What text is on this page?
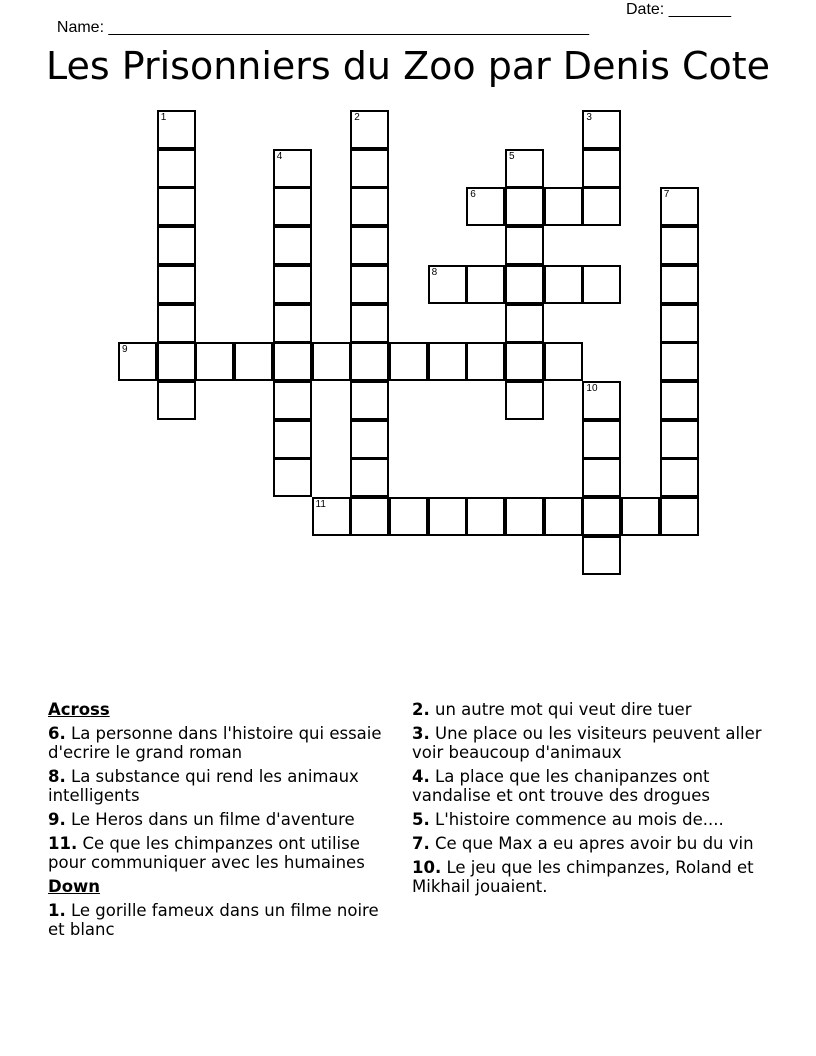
Name: ______________________________________________________

Date: _______

Les Prisonniers du Zoo par Denis Cote
1	2	3
4	5
6	7
8
9
10
11
Across
6. La personne dans l'histoire qui essaie d'ecrire le grand roman
8. La substance qui rend les animaux intelligents
9. Le Heros dans un filme d'aventure
11. Ce que les chimpanzes ont utilise pour communiquer avec les humaines
Down
1. Le gorille fameux dans un filme noire et blanc
2. un autre mot qui veut dire tuer
3. Une place ou les visiteurs peuvent aller voir beaucoup d'animaux
4. La place que les chanipanzes ont vandalise et ont trouve des drogues
5. L'histoire commence au mois de....
7. Ce que Max a eu apres avoir bu du vin
10. Le jeu que les chimpanzes, Roland et Mikhail jouaient.
